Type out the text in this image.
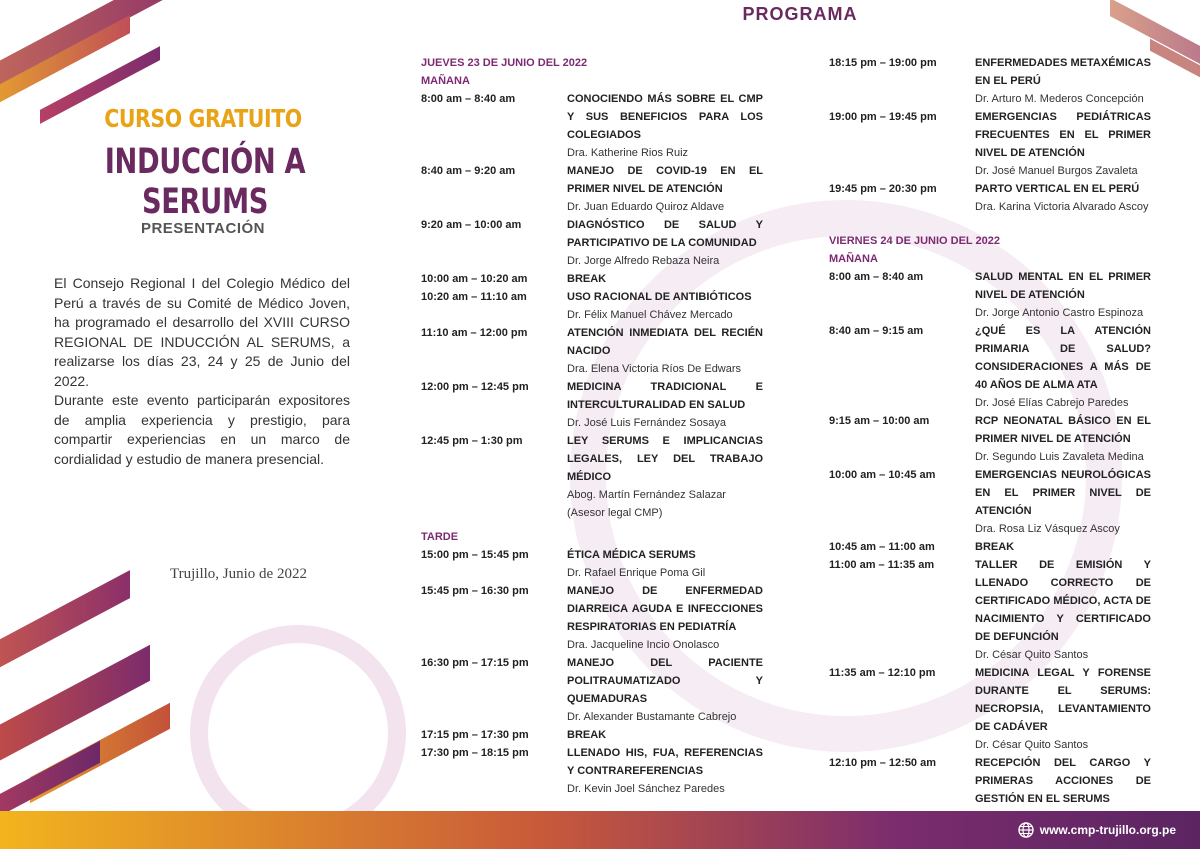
CURSO GRATUITO
INDUCCIÓN A SERUMS
PRESENTACIÓN

El Consejo Regional I del Colegio Médico del Perú a través de su Comité de Médico Joven, ha programado el desarrollo del XVIII CURSO REGIONAL DE INDUCCIÓN AL SERUMS, a realizarse los días 23, 24 y 25 de Junio del 2022.

Durante este evento participarán expositores de amplia experiencia y prestigio, para compartir experiencias en un marco de cordialidad y estudio de manera presencial.

Trujillo, Junio de 2022
PROGRAMA
JUEVES 23 DE JUNIO DEL 2022
MAÑANA
8:00 am – 8:40 am	CONOCIENDO MÁS SOBRE EL CMP Y SUS BENEFICIOS PARA LOS COLEGIADOS
Dra. Katherine Rios Ruiz
8:40 am – 9:20 am	MANEJO DE COVID-19 EN EL PRIMER NIVEL DE ATENCIÓN
Dr. Juan Eduardo Quiroz Aldave
9:20 am – 10:00 am	DIAGNÓSTICO DE SALUD Y PARTICIPATIVO DE LA COMUNIDAD
Dr. Jorge Alfredo Rebaza Neira
10:00 am – 10:20 am	BREAK
10:20 am – 11:10 am	USO RACIONAL DE ANTIBIÓTICOS
Dr. Félix Manuel Chávez Mercado
11:10 am – 12:00 pm	ATENCIÓN INMEDIATA DEL RECIÉN NACIDO
Dra. Elena Victoria Ríos De Edwars
12:00 pm – 12:45 pm	MEDICINA TRADICIONAL E INTERCULTURALIDAD EN SALUD
Dr. José Luis Fernández Sosaya
12:45 pm – 1:30 pm	LEY SERUMS E IMPLICANCIAS LEGALES, LEY DEL TRABAJO MÉDICO
Abog. Martín Fernández Salazar
(Asesor legal CMP)
TARDE
15:00 pm – 15:45 pm	ÉTICA MÉDICA SERUMS
Dr. Rafael Enrique Poma Gil
15:45 pm – 16:30 pm	MANEJO DE ENFERMEDAD DIARREICA AGUDA E INFECCIONES RESPIRATORIAS EN PEDIATRÍA
Dra. Jacqueline Incio Onolasco
16:30 pm – 17:15 pm	MANEJO DEL PACIENTE POLITRAUMATIZADO Y QUEMADURAS
Dr. Alexander Bustamante Cabrejo
17:15 pm – 17:30 pm	BREAK
17:30 pm – 18:15 pm	LLENADO HIS, FUA, REFERENCIAS Y CONTRAREFERENCIAS
Dr. Kevin Joel Sánchez Paredes
18:15 pm – 19:00 pm	ENFERMEDADES METAXÉMICAS EN EL PERÚ
Dr. Arturo M. Mederos Concepción
19:00 pm – 19:45 pm	EMERGENCIAS PEDIÁTRICAS FRECUENTES EN EL PRIMER NIVEL DE ATENCIÓN
Dr. José Manuel Burgos Zavaleta
19:45 pm – 20:30 pm	PARTO VERTICAL EN EL PERÚ
Dra. Karina Victoria Alvarado Ascoy
VIERNES 24 DE JUNIO DEL 2022
MAÑANA
8:00 am – 8:40 am	SALUD MENTAL EN EL PRIMER NIVEL DE ATENCIÓN
Dr. Jorge Antonio Castro Espinoza
8:40 am – 9:15 am	¿QUÉ ES LA ATENCIÓN PRIMARIA DE SALUD? CONSIDERACIONES A MÁS DE 40 AÑOS DE ALMA ATA
Dr. José Elías Cabrejo Paredes
9:15 am – 10:00 am	RCP NEONATAL BÁSICO EN EL PRIMER NIVEL DE ATENCIÓN
Dr. Segundo Luis Zavaleta Medina
10:00 am – 10:45 am	EMERGENCIAS NEUROLÓGICAS EN EL PRIMER NIVEL DE ATENCIÓN
Dra. Rosa Liz Vásquez Ascoy
10:45 am – 11:00 am	BREAK
11:00 am – 11:35 am	TALLER DE EMISIÓN Y LLENADO CORRECTO DE CERTIFICADO MÉDICO, ACTA DE NACIMIENTO Y CERTIFICADO DE DEFUNCIÓN
Dr. César Quito Santos
11:35 am – 12:10 pm	MEDICINA LEGAL Y FORENSE DURANTE EL SERUMS: NECROPSIA, LEVANTAMIENTO DE CADÁVER
Dr. César Quito Santos
12:10 pm – 12:50 am	RECEPCIÓN DEL CARGO Y PRIMERAS ACCIONES DE GESTIÓN EN EL SERUMS
www.cmp-trujillo.org.pe
